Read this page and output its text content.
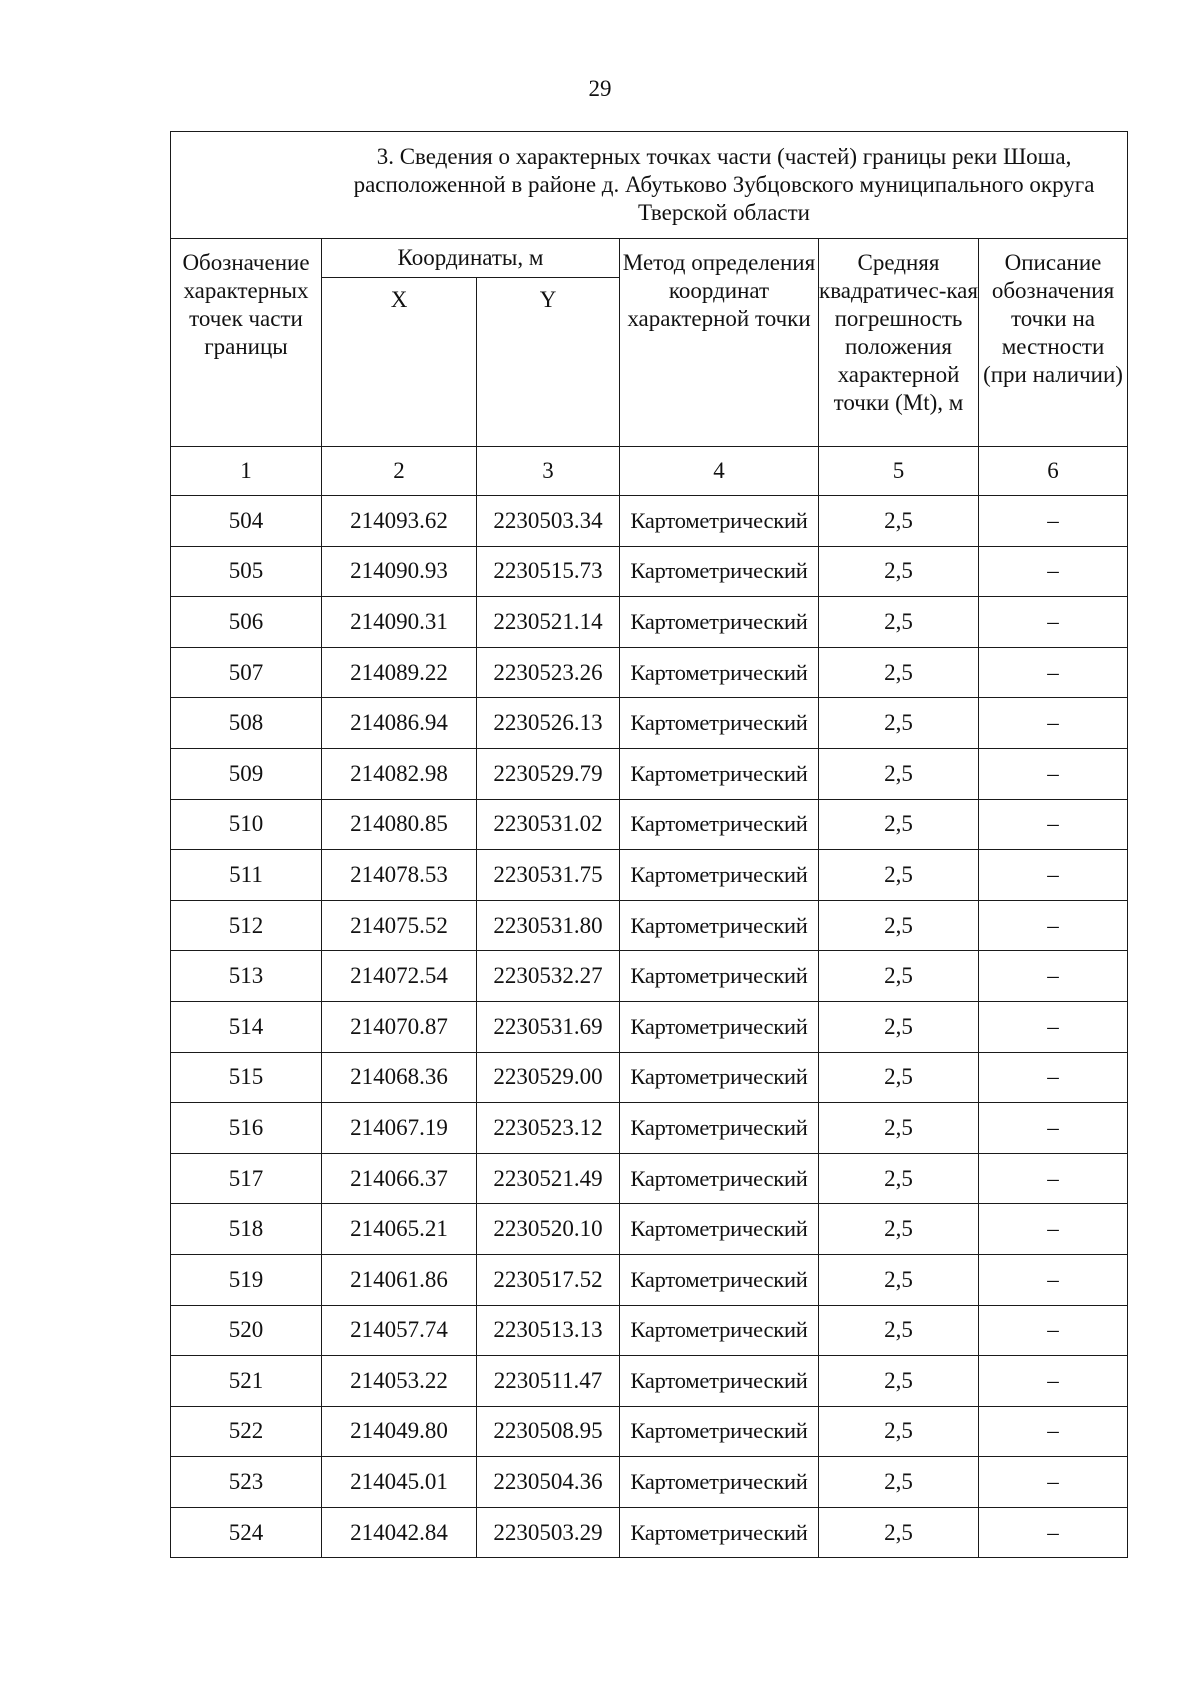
29
3. Сведения о характерных точках части (частей) границы реки Шоша,
расположенной в районе д. Абутьково Зубцовского муниципального округа
Тверской области					

Обозначение характерных точек части границы	Координаты, м		Метод определения координат характерной точки	Средняя квадратичес-кая погрешность положения характерной точки (Mt), м	Описание обозначения точки на местности (при наличии)
	X	Y			
1	2	3	4	5	6
504	214093.62	2230503.34	Картометрический	2,5	–
505	214090.93	2230515.73	Картометрический	2,5	–
506	214090.31	2230521.14	Картометрический	2,5	–
507	214089.22	2230523.26	Картометрический	2,5	–
508	214086.94	2230526.13	Картометрический	2,5	–
509	214082.98	2230529.79	Картометрический	2,5	–
510	214080.85	2230531.02	Картометрический	2,5	–
511	214078.53	2230531.75	Картометрический	2,5	–
512	214075.52	2230531.80	Картометрический	2,5	–
513	214072.54	2230532.27	Картометрический	2,5	–
514	214070.87	2230531.69	Картометрический	2,5	–
515	214068.36	2230529.00	Картометрический	2,5	–
516	214067.19	2230523.12	Картометрический	2,5	–
517	214066.37	2230521.49	Картометрический	2,5	–
518	214065.21	2230520.10	Картометрический	2,5	–
519	214061.86	2230517.52	Картометрический	2,5	–
520	214057.74	2230513.13	Картометрический	2,5	–
521	214053.22	2230511.47	Картометрический	2,5	–
522	214049.80	2230508.95	Картометрический	2,5	–
523	214045.01	2230504.36	Картометрический	2,5	–
524	214042.84	2230503.29	Картометрический	2,5	–
